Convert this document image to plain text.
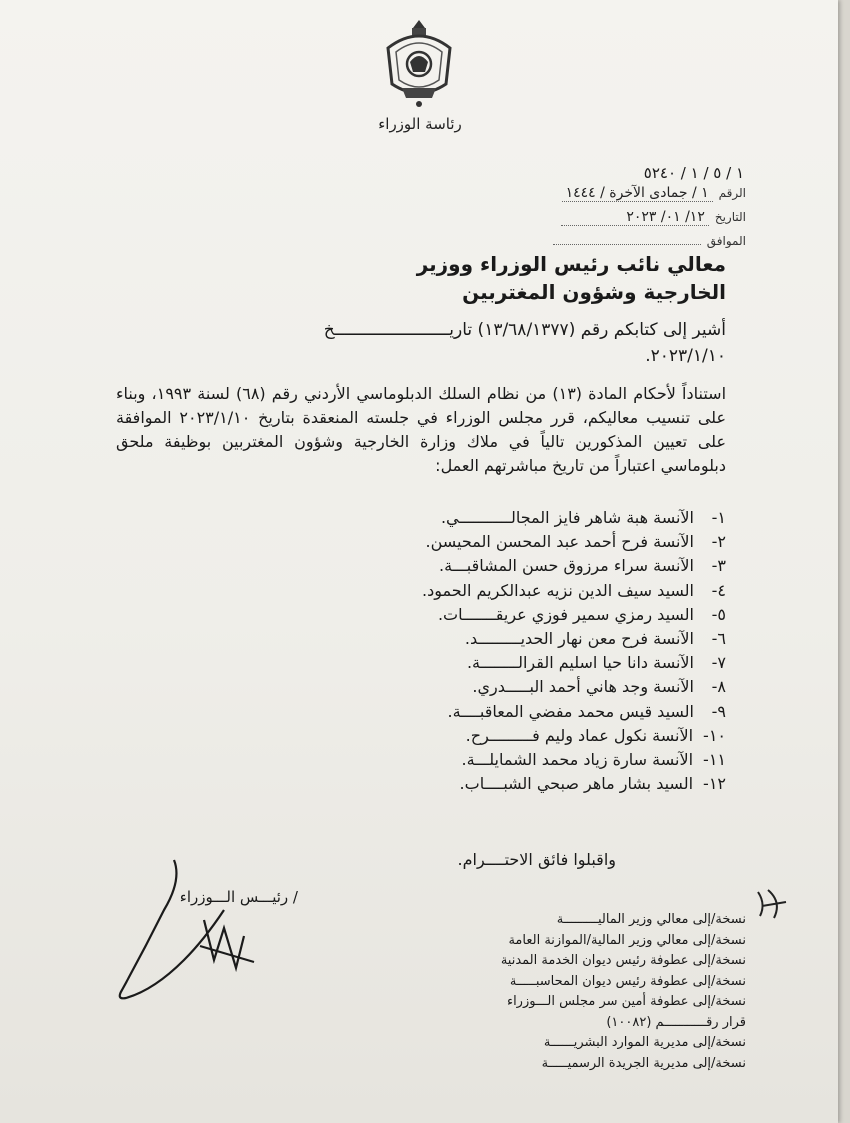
رئاسة الوزراء
١ / ٥ / ١ / ٥٢٤٠
الرقم
١ / جمادى الآخرة / ١٤٤٤
التاريخ
١٢/ ٠١/ ٢٠٢٣
الموافق
معالي نائب رئيس الوزراء ووزير
الخارجية وشؤون المغتربين
أشير إلى كتابكم رقم (١٣/٦٨/١٣٧٧) تاريـــــــــــــــــــــــخ
٢٠٢٣/١/١٠.
استناداً لأحكام المادة (١٣) من نظام السلك الدبلوماسي الأردني رقم (٦٨) لسنة ١٩٩٣، وبناء على تنسيب معاليكم، قرر مجلس الوزراء في جلسته المنعقدة بتاريخ ٢٠٢٣/١/١٠ الموافقة على تعيين المذكورين تالياً في ملاك وزارة الخارجية وشؤون المغتربين بوظيفة ملحق دبلوماسي اعتباراً من تاريخ مباشرتهم العمل:
١-
الآنسة هبة شاهر فايز المجالـــــــــــي.
٢-
الآنسة فرح أحمد عبد المحسن المحيسن.
٣-
الآنسة سراء مرزوق حسن المشاقبـــة.
٤-
السيد سيف الدين نزيه عبدالكريم الحمود.
٥-
السيد رمزي سمير فوزي عريقـــــــات.
٦-
الآنسة فرح معن نهار الحديـــــــــد.
٧-
الآنسة دانا حيا اسليم القرالــــــــة.
٨-
الآنسة وجد هاني أحمد البـــــدري.
٩-
السيد قيس محمد مفضي المعاقبــــة.
١٠-
الآنسة نكول عماد وليم فـــــــــرح.
١١-
الآنسة سارة زياد محمد الشمايلـــة.
١٢-
السيد بشار ماهر صبحي الشبــــاب.
واقبلوا فائق الاحتــــرام.
/ رئيـــس الـــوزراء
نسخة/إلى معالي وزير الماليـــــــــة
نسخة/إلى معالي وزير المالية/الموازنة العامة
نسخة/إلى عطوفة رئيس ديوان الخدمة المدنية
نسخة/إلى عطوفة رئيس ديوان المحاسبـــــة
نسخة/إلى عطوفة أمين سر مجلس الـــوزراء
قرار رقـــــــــــم (١٠٠٨٢)
نسخة/إلى مديرية الموارد البشريــــــة
نسخة/إلى مديرية الجريدة الرسميـــــة
